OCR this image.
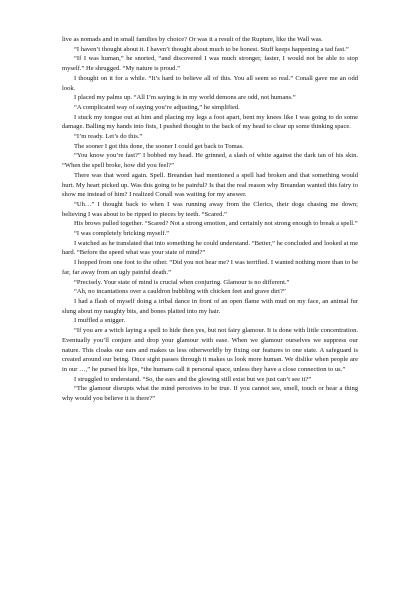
live as nomads and in small families by choice? Or was it a result of the Rupture, like the Wall was.

“I haven’t thought about it. I haven’t thought about much to be honest. Stuff keeps happening a tad fast.”

“If I was human,” he snorted, “and discovered I was much stronger, faster, I would not be able to stop myself.” He shrugged. “My nature is proud.”

I thought on it for a while. “It’s hard to believe all of this. You all seem so real.” Conall gave me an odd look.

I placed my palms up. “All I’m saying is in my world demons are odd, not humans.”

“A complicated way of saying you’re adjusting,” he simplified.

I stuck my tongue out at him and placing my legs a foot apart, bent my knees like I was going to do some damage. Balling my hands into fists, I pushed thought to the back of my head to clear up some thinking space.

“I’m ready. Let’s do this.”

The sooner I got this done, the sooner I could get back to Tomas.

“You know you’re fast?” I bobbed my head. He grinned, a slash of white against the dark tan of his skin. “When the spell broke, how did you feel?”

There was that word again. Spell. Breandan had mentioned a spell had broken and that something would hurt. My heart picked up. Was this going to be painful? Is that the real reason why Breandan wanted this fairy to show me instead of him? I realized Conall was waiting for my answer.

“Uh…” I thought back to when I was running away from the Clerics, their dogs chasing me down; believing I was about to be ripped to pieces by teeth. “Scared.”

His brows pulled together. “Scared? Not a strong emotion, and certainly not strong enough to break a spell.”

“I was completely bricking myself.”

I watched as he translated that into something he could understand. “Better,” he concluded and looked at me hard. “Before the speed what was your state of mind?”

I hopped from one foot to the other. “Did you not hear me? I was terrified. I wanted nothing more than to be far, far away from an ugly painful death.”

“Precisely. Your state of mind is crucial when conjuring. Glamour is no different.”

“Ah, no incantations over a cauldron bubbling with chicken feet and grave dirt?”

I had a flash of myself doing a tribal dance in front of an open flame with mud on my face, an animal fur slung about my naughty bits, and bones plaited into my hair.

I muffled a snigger.

“If you are a witch laying a spell to hide then yes, but not fairy glamour. It is done with little concentration. Eventually you’ll conjure and drop your glamour with ease. When we glamour ourselves we suppress our nature. This cloaks our ears and makes us less otherworldly by fixing our features to one state. A safeguard is created around our being. Once sight passes through it makes us look more human. We dislike when people are in our …,” he pursed his lips, “the humans call it personal space, unless they have a close connection to us.”

I struggled to understand. “So, the ears and the glowing still exist but we just can’t see it?”

“The glamour disrupts what the mind perceives to be true. If you cannot see, smell, touch or hear a thing why would you believe it is there?”
